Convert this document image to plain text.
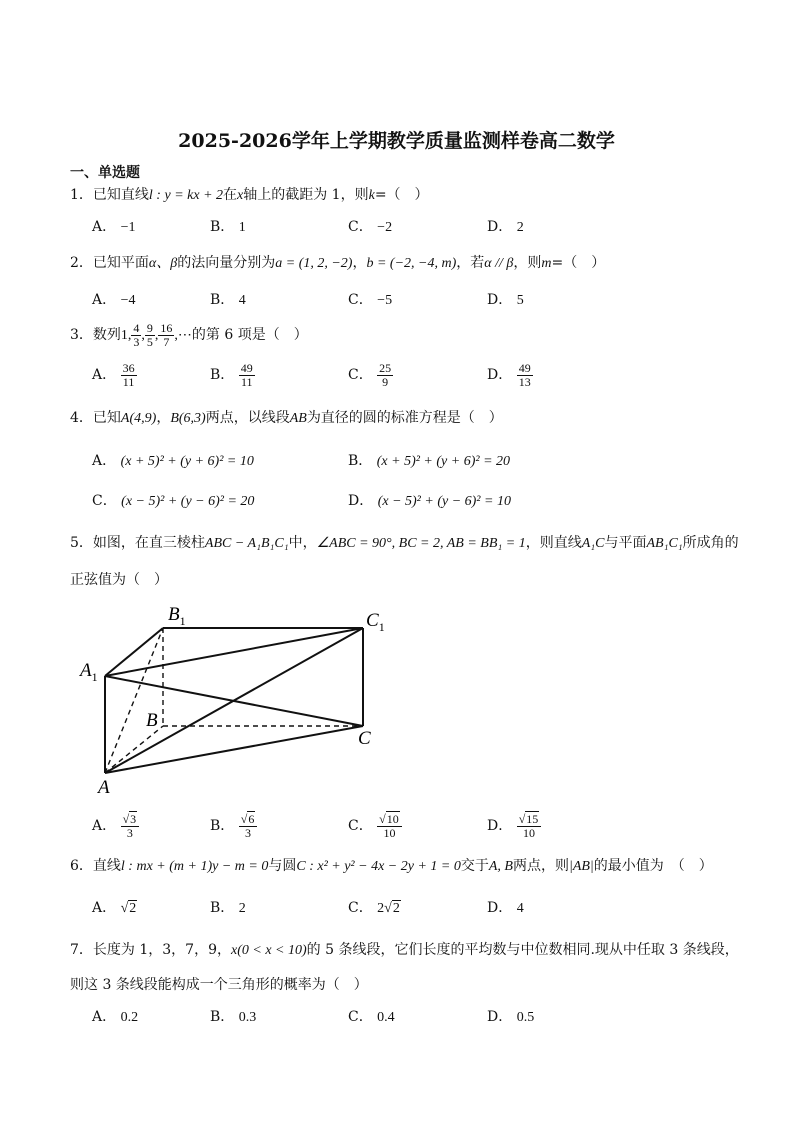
2025-2026学年上学期教学质量监测样卷高二数学
一、单选题
1．已知直线l : y = kx + 2在x轴上的截距为 1，则k=（　）
A． −1	B． 1	C． −2	D． 2
2．已知平面α、β的法向量分别为a = (1, 2, −2)，b = (−2, −4, m)，若α // β，则m=（　）
A． −4	B． 4	C． −5	D． 5
3．数列1, $\frac{4}{3}$ , $\frac{9}{5}$ , $\frac{16}{7}$ ,⋯的第 6 项是（　）
A． $\frac{36}{11}$	B． $\frac{49}{11}$	C． $\frac{25}{9}$	D． $\frac{49}{13}$
4．已知A(4,9)，B(6,3)两点，以线段AB为直径的圆的标准方程是（　）
A． (x + 5)² + (y + 6)² = 10	B． (x + 5)² + (y + 6)² = 20
C． (x − 5)² + (y − 6)² = 20	D． (x − 5)² + (y − 6)² = 10
5．如图，在直三棱柱ABC − A₁B₁C₁中，∠ABC = 90°, BC = 2, AB = BB₁ = 1，则直线A₁C与平面AB₁C₁所成角的
正弦值为（　）
$B_1$	$C_1$
$A_1$
B
C
A
A． $\frac{√3}{3}$	B． $\frac{√6}{3}$	C． $\frac{√10}{10}$	D． $\frac{√15}{10}$
6．直线l : mx + (m + 1)y − m = 0与圆C : x² + y² − 4x − 2y + 1 = 0交于A, B两点，则|AB|的最小值为　（　）
A． √2	B． 2	C． 2√2	D． 4
7．长度为 1，3，7，9，x(0 < x < 10)的 5 条线段，它们长度的平均数与中位数相同.现从中任取 3 条线段，
则这 3 条线段能构成一个三角形的概率为（　）
A． 0.2	B． 0.3	C． 0.4	D． 0.5
